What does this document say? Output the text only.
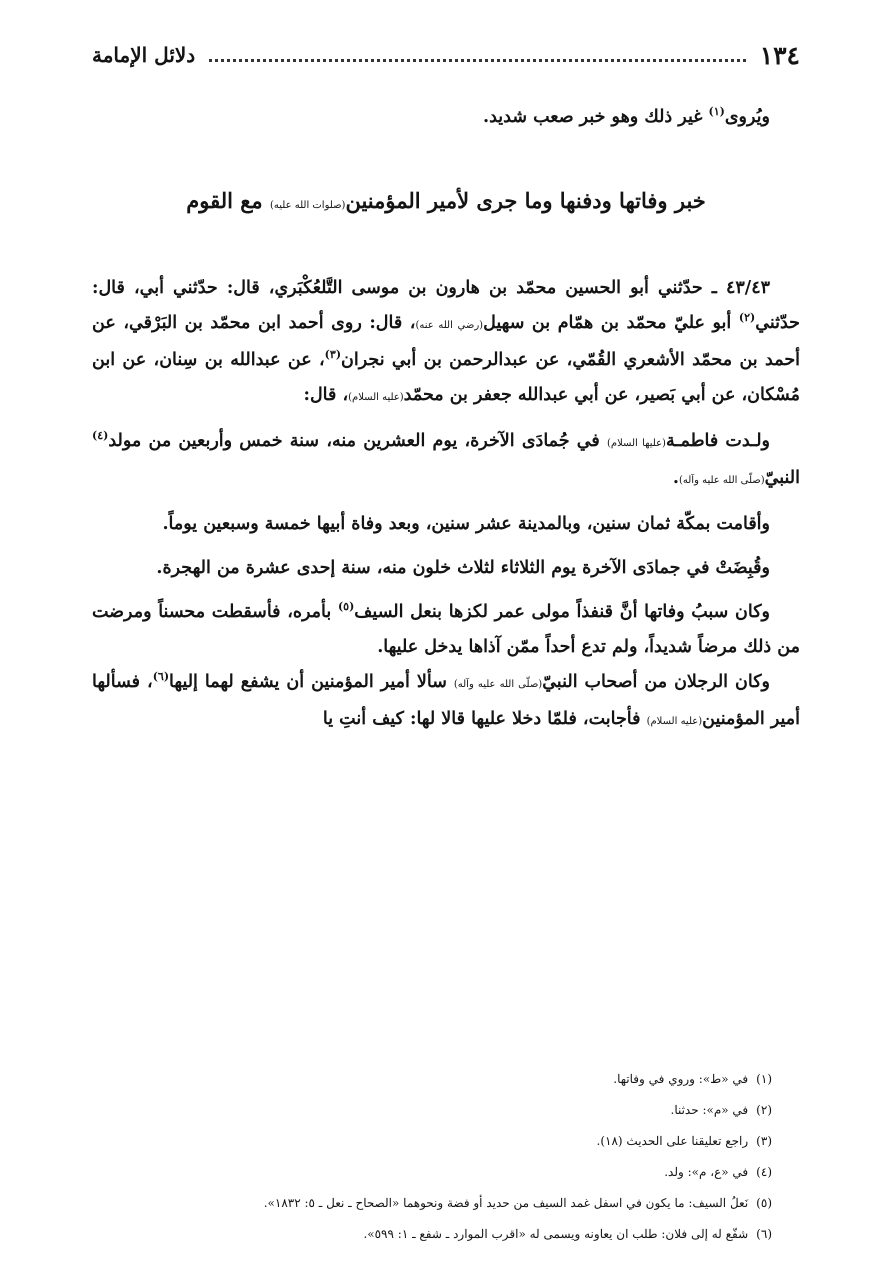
١٣٤
دلائل الإمامة

ويُروى$^{(١)}$ غير ذلك وهو خبر صعب شديد.

خبر وفاتها ودفنها وما جرى لأمير المؤمنين(صلوات الله عليه) مع القوم

٤٣/٤٣ ـ حدّثني أبو الحسين محمّد بن هارون بن موسى التَّلعُكْبَري، قال: حدّثني أبي، قال: حدّثني$^{(٢)}$ أبو عليّ محمّد بن همّام بن سهيل(رضي الله عنه)، قال: روى أحمد ابن محمّد بن البَرْقي، عن أحمد بن محمّد الأشعري القُمّي، عن عبدالرحمن بن أبي نجران$^{(٣)}$، عن عبدالله بن سِنان، عن ابن مُسْكان، عن أبي بَصير، عن أبي عبدالله جعفر بن محمّد(عليه السلام)، قال:

ولـدت فاطمـة(عليها السلام) في جُمادَى الآخرة، يوم العشرين منه، سنة خمس وأربعين من مولد$^{(٤)}$ النبيّ(صلّى الله عليه وآله).

وأقامت بمكّة ثمان سنين، وبالمدينة عشر سنين، وبعد وفاة أبيها خمسة وسبعين يوماً.

وقُبِضَتْ في جمادَى الآخرة يوم الثلاثاء لثلاث خلون منه، سنة إحدى عشرة من الهجرة.

وكان سببُ وفاتها أنَّ قنفذاً مولى عمر لكزها بنعل السيف$^{(٥)}$ بأمره، فأسقطت محسناً ومرضت من ذلك مرضاً شديداً، ولم تدع أحداً ممّن آذاها يدخل عليها.

وكان الرجلان من أصحاب النبيّ(صلّى الله عليه وآله) سألا أمير المؤمنين أن يشفع لهما إليها$^{(٦)}$، فسألها أمير المؤمنين(عليه السلام) فأجابت، فلمّا دخلا عليها قالا لها: كيف أنتِ يا

(١)في «ط»: وروي في وفاتها.

(٢)في «م»: حدثنا.

(٣)راجع تعليقنا على الحديث (١٨).

(٤)في «ع، م»: ولد.

(٥)نَعلُ السيف: ما يكون في اسفل غمد السيف من حديد أو فضة ونحوهما «الصحاح ـ نعل ـ ٥: ١٨٣٢».

(٦)شفّع له إلى فلان: طلب ان يعاونه ويسمى له «اقرب الموارد ـ شفع ـ ١: ٥٩٩».
